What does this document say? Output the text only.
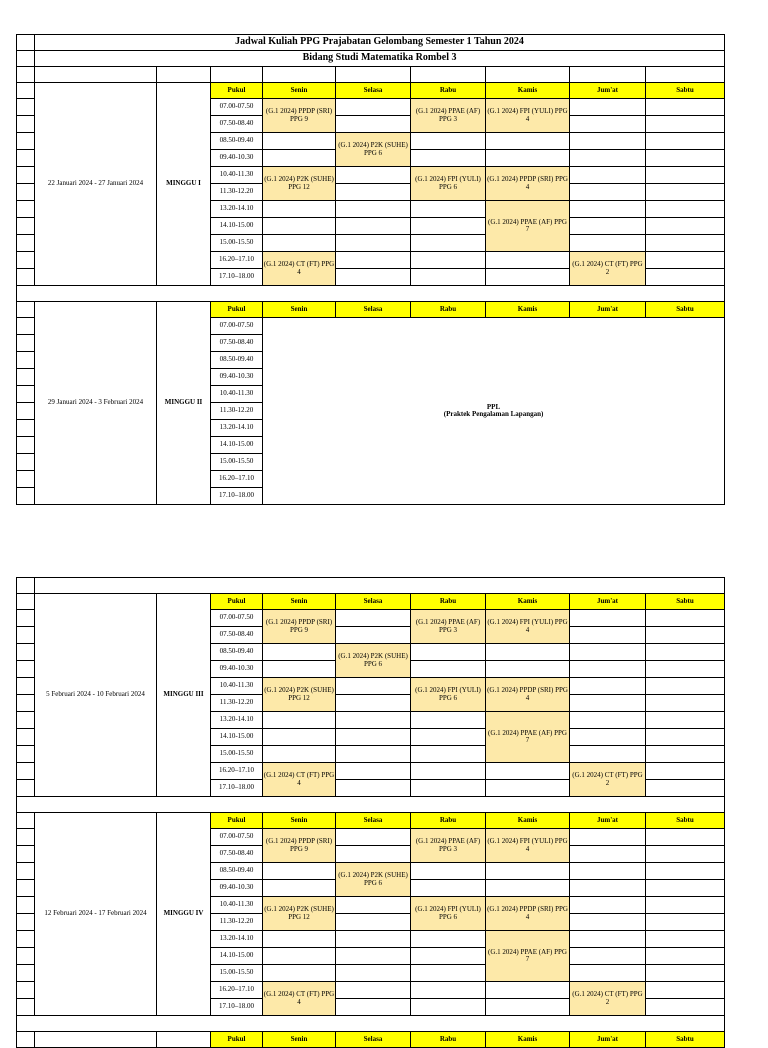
	Jadwal Kuliah PPG Prajabatan Gelombang Semester 1 Tahun 2024								
	Bidang Studi Matematika Rombel 3								

	22 Januari 2024 - 27 Januari 2024	MINGGU I	Pukul	Senin	Selasa	Rabu	Kamis	Jum'at	Sabtu
			07.00-07.50	(G.1 2024) PPDP (SRI) PPG 9		(G.1 2024) PPAE (AF) PPG 3	(G.1 2024) FPI (YULI) PPG 4		
			07.50-08.40						
			08.50-09.40		(G.1 2024) P2K (SUHE) PPG 6				
			09.40-10.30						
			10.40-11.30	(G.1 2024) P2K (SUHE) PPG 12		(G.1 2024) FPI (YULI) PPG 6	(G.1 2024) PPDP (SRI) PPG 4		
			11.30-12.20						
			13.20-14.10				(G.1 2024) PPAE (AF) PPG 7		
			14.10-15.00						
			15.00-15.50						
			16.20–17.10	(G.1 2024) CT (FT) PPG 4				(G.1 2024) CT (FT) PPG 2	
			17.10–18.00						

	29 Januari 2024 - 3 Februari 2024	MINGGU II	Pukul	Senin	Selasa	Rabu	Kamis	Jum'at	Sabtu
			07.00-07.50	PPL
(Praktek Pengalaman Lapangan)					

			07.50-08.40						
			08.50-09.40						
			09.40-10.30						
			10.40-11.30						
			11.30-12.20						
			13.20-14.10						
			14.10-15.00						
			15.00-15.50						
			16.20–17.10						
			17.10–18.00						

	5 Februari 2024 - 10 Februari 2024	MINGGU III	Pukul	Senin	Selasa	Rabu	Kamis	Jum'at	Sabtu
			07.00-07.50	(G.1 2024) PPDP (SRI) PPG 9		(G.1 2024) PPAE (AF) PPG 3	(G.1 2024) FPI (YULI) PPG 4		
			07.50-08.40						
			08.50-09.40		(G.1 2024) P2K (SUHE) PPG 6				
			09.40-10.30						
			10.40-11.30	(G.1 2024) P2K (SUHE) PPG 12		(G.1 2024) FPI (YULI) PPG 6	(G.1 2024) PPDP (SRI) PPG 4		
			11.30-12.20						
			13.20-14.10				(G.1 2024) PPAE (AF) PPG 7		
			14.10-15.00						
			15.00-15.50						
			16.20–17.10	(G.1 2024) CT (FT) PPG 4				(G.1 2024) CT (FT) PPG 2	
			17.10–18.00						

	12 Februari 2024 - 17 Februari 2024	MINGGU IV	Pukul	Senin	Selasa	Rabu	Kamis	Jum'at	Sabtu
			07.00-07.50	(G.1 2024) PPDP (SRI) PPG 9		(G.1 2024) PPAE (AF) PPG 3	(G.1 2024) FPI (YULI) PPG 4		
			07.50-08.40						
			08.50-09.40		(G.1 2024) P2K (SUHE) PPG 6				
			09.40-10.30						
			10.40-11.30	(G.1 2024) P2K (SUHE) PPG 12		(G.1 2024) FPI (YULI) PPG 6	(G.1 2024) PPDP (SRI) PPG 4		
			11.30-12.20						
			13.20-14.10				(G.1 2024) PPAE (AF) PPG 7		
			14.10-15.00						
			15.00-15.50						
			16.20–17.10	(G.1 2024) CT (FT) PPG 4				(G.1 2024) CT (FT) PPG 2	
			17.10–18.00						

			Pukul	Senin	Selasa	Rabu	Kamis	Jum'at	Sabtu
